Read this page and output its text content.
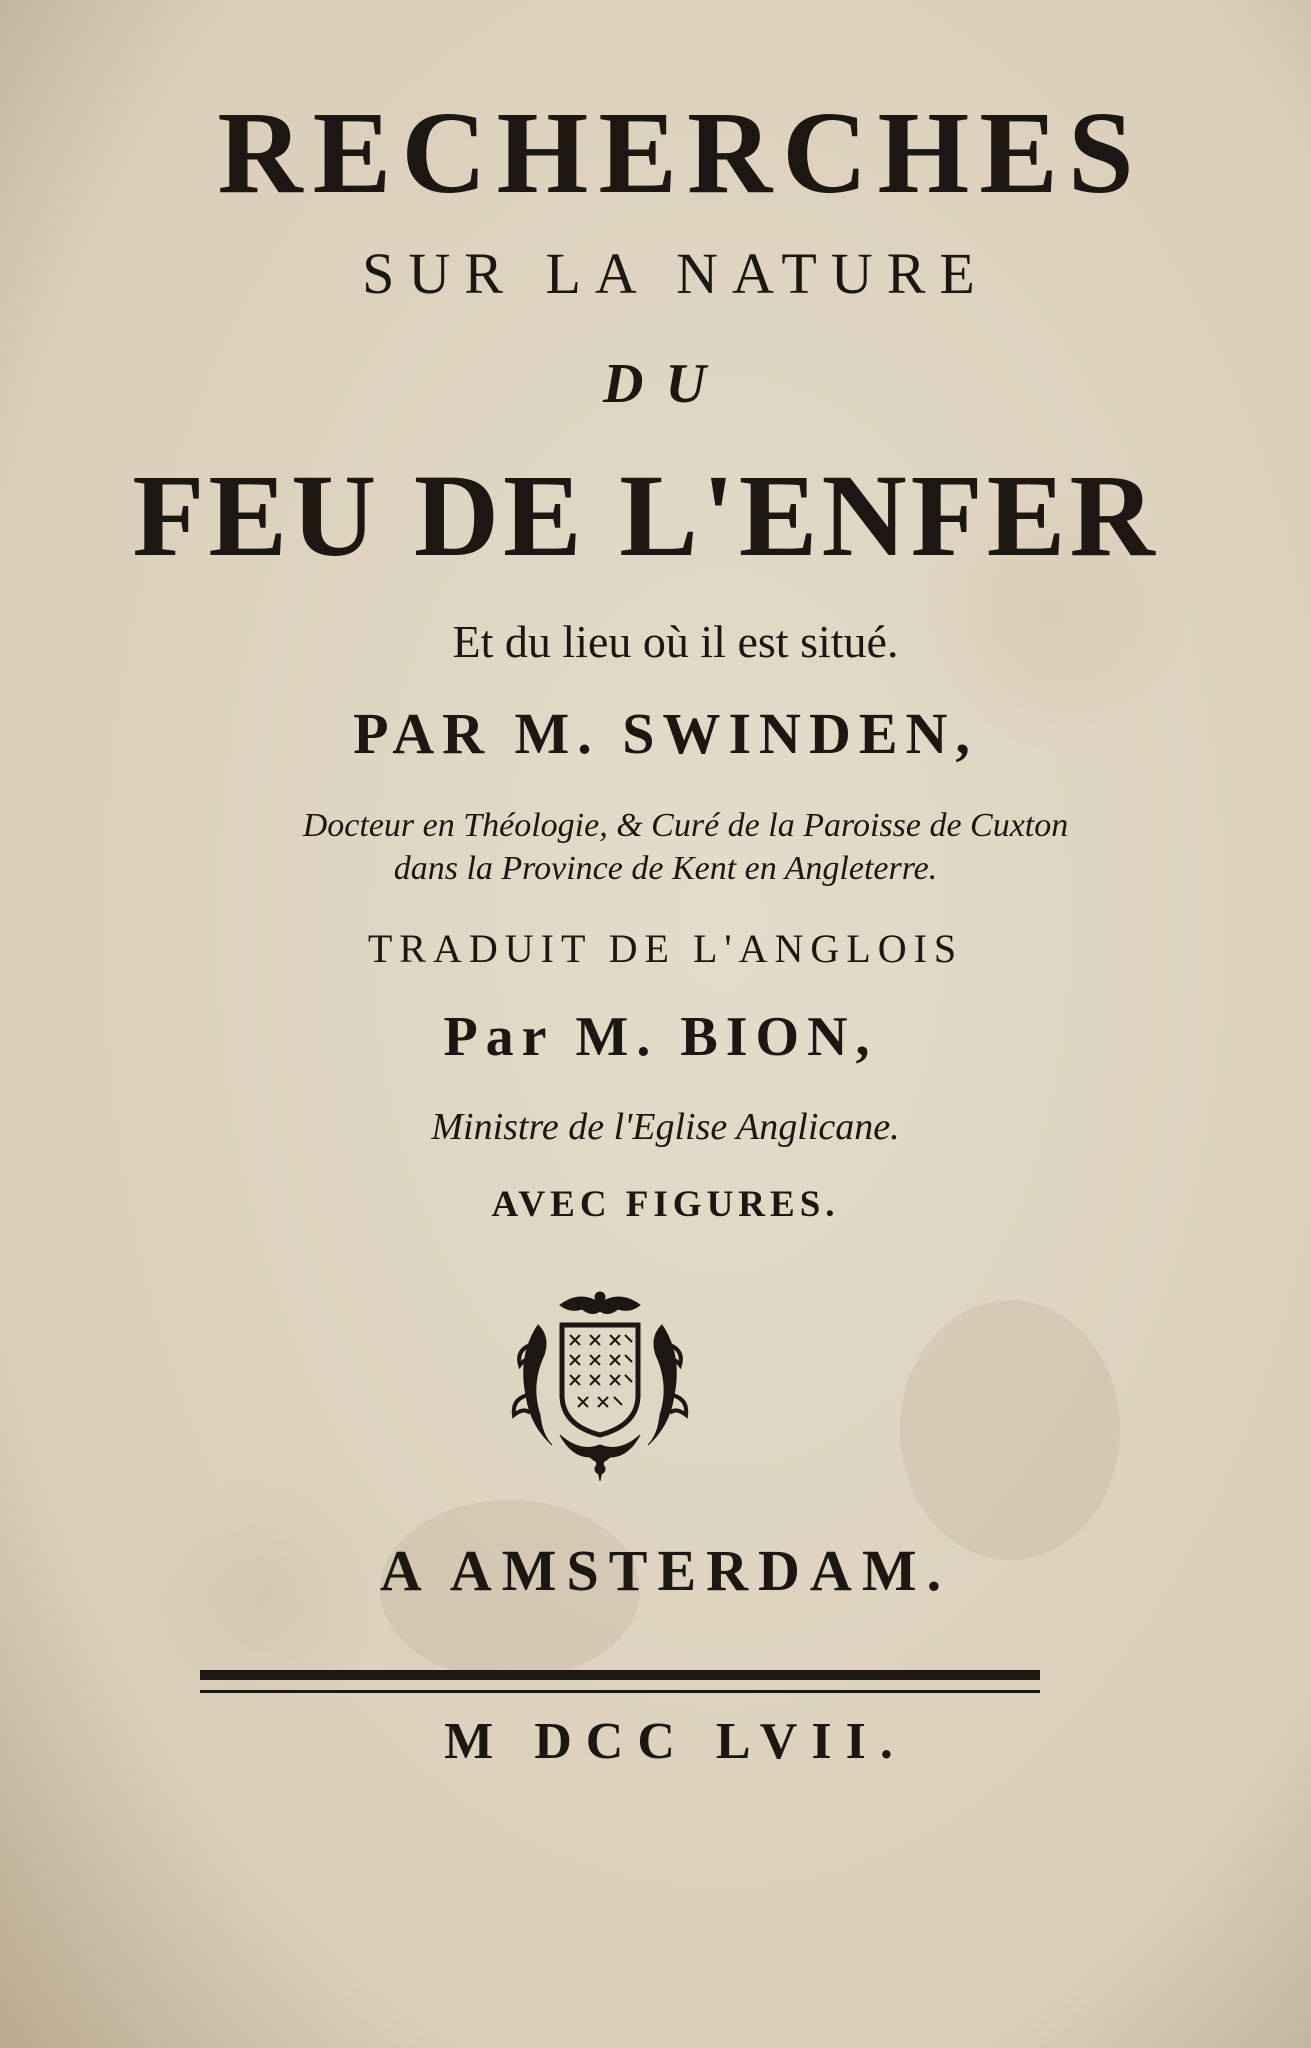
RECHERCHES
SUR LA NATURE
DU
FEU DE L'ENFER
Et du lieu où il est situé.
PAR M. SWINDEN,
Docteur en Théologie, & Curé de la Paroisse de Cuxton
dans la Province de Kent en Angleterre.
TRADUIT DE L'ANGLOIS
Par M. BION,
Ministre de l'Eglise Anglicane.
AVEC FIGURES.
A AMSTERDAM.
M DCC LVII.
